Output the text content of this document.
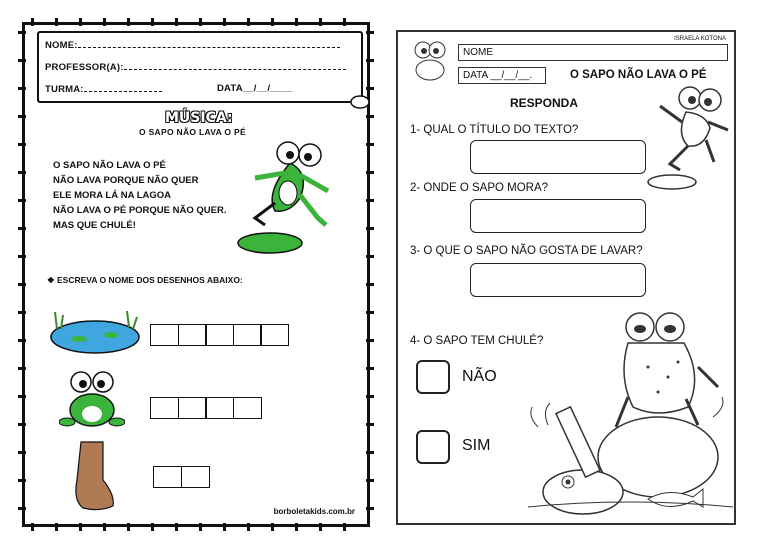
NOME:
PROFESSOR(A):
TURMA:	DATA__/__/____
MÚSICA:
O SAPO NÃO LAVA O PÉ
O SAPO NÃO LAVA O PÉ
NÃO LAVA PORQUE NÃO QUER
ELE MORA LÁ NA LAGOA
NÃO LAVA O PÉ PORQUE NÃO QUER.
MAS QUE CHULÉ!
❖ ESCREVA O NOME DOS DESENHOS ABAIXO:
borboletakids.com.br
ISRAELA KOTONA
NOME
DATA __/__/__.	O SAPO NÃO LAVA O PÉ
RESPONDA
1- QUAL O TÍTULO DO TEXTO?
2- ONDE O SAPO MORA?
3- O QUE O SAPO NÃO GOSTA DE LAVAR?
4- O SAPO TEM CHULÉ?
NÃO
SIM
